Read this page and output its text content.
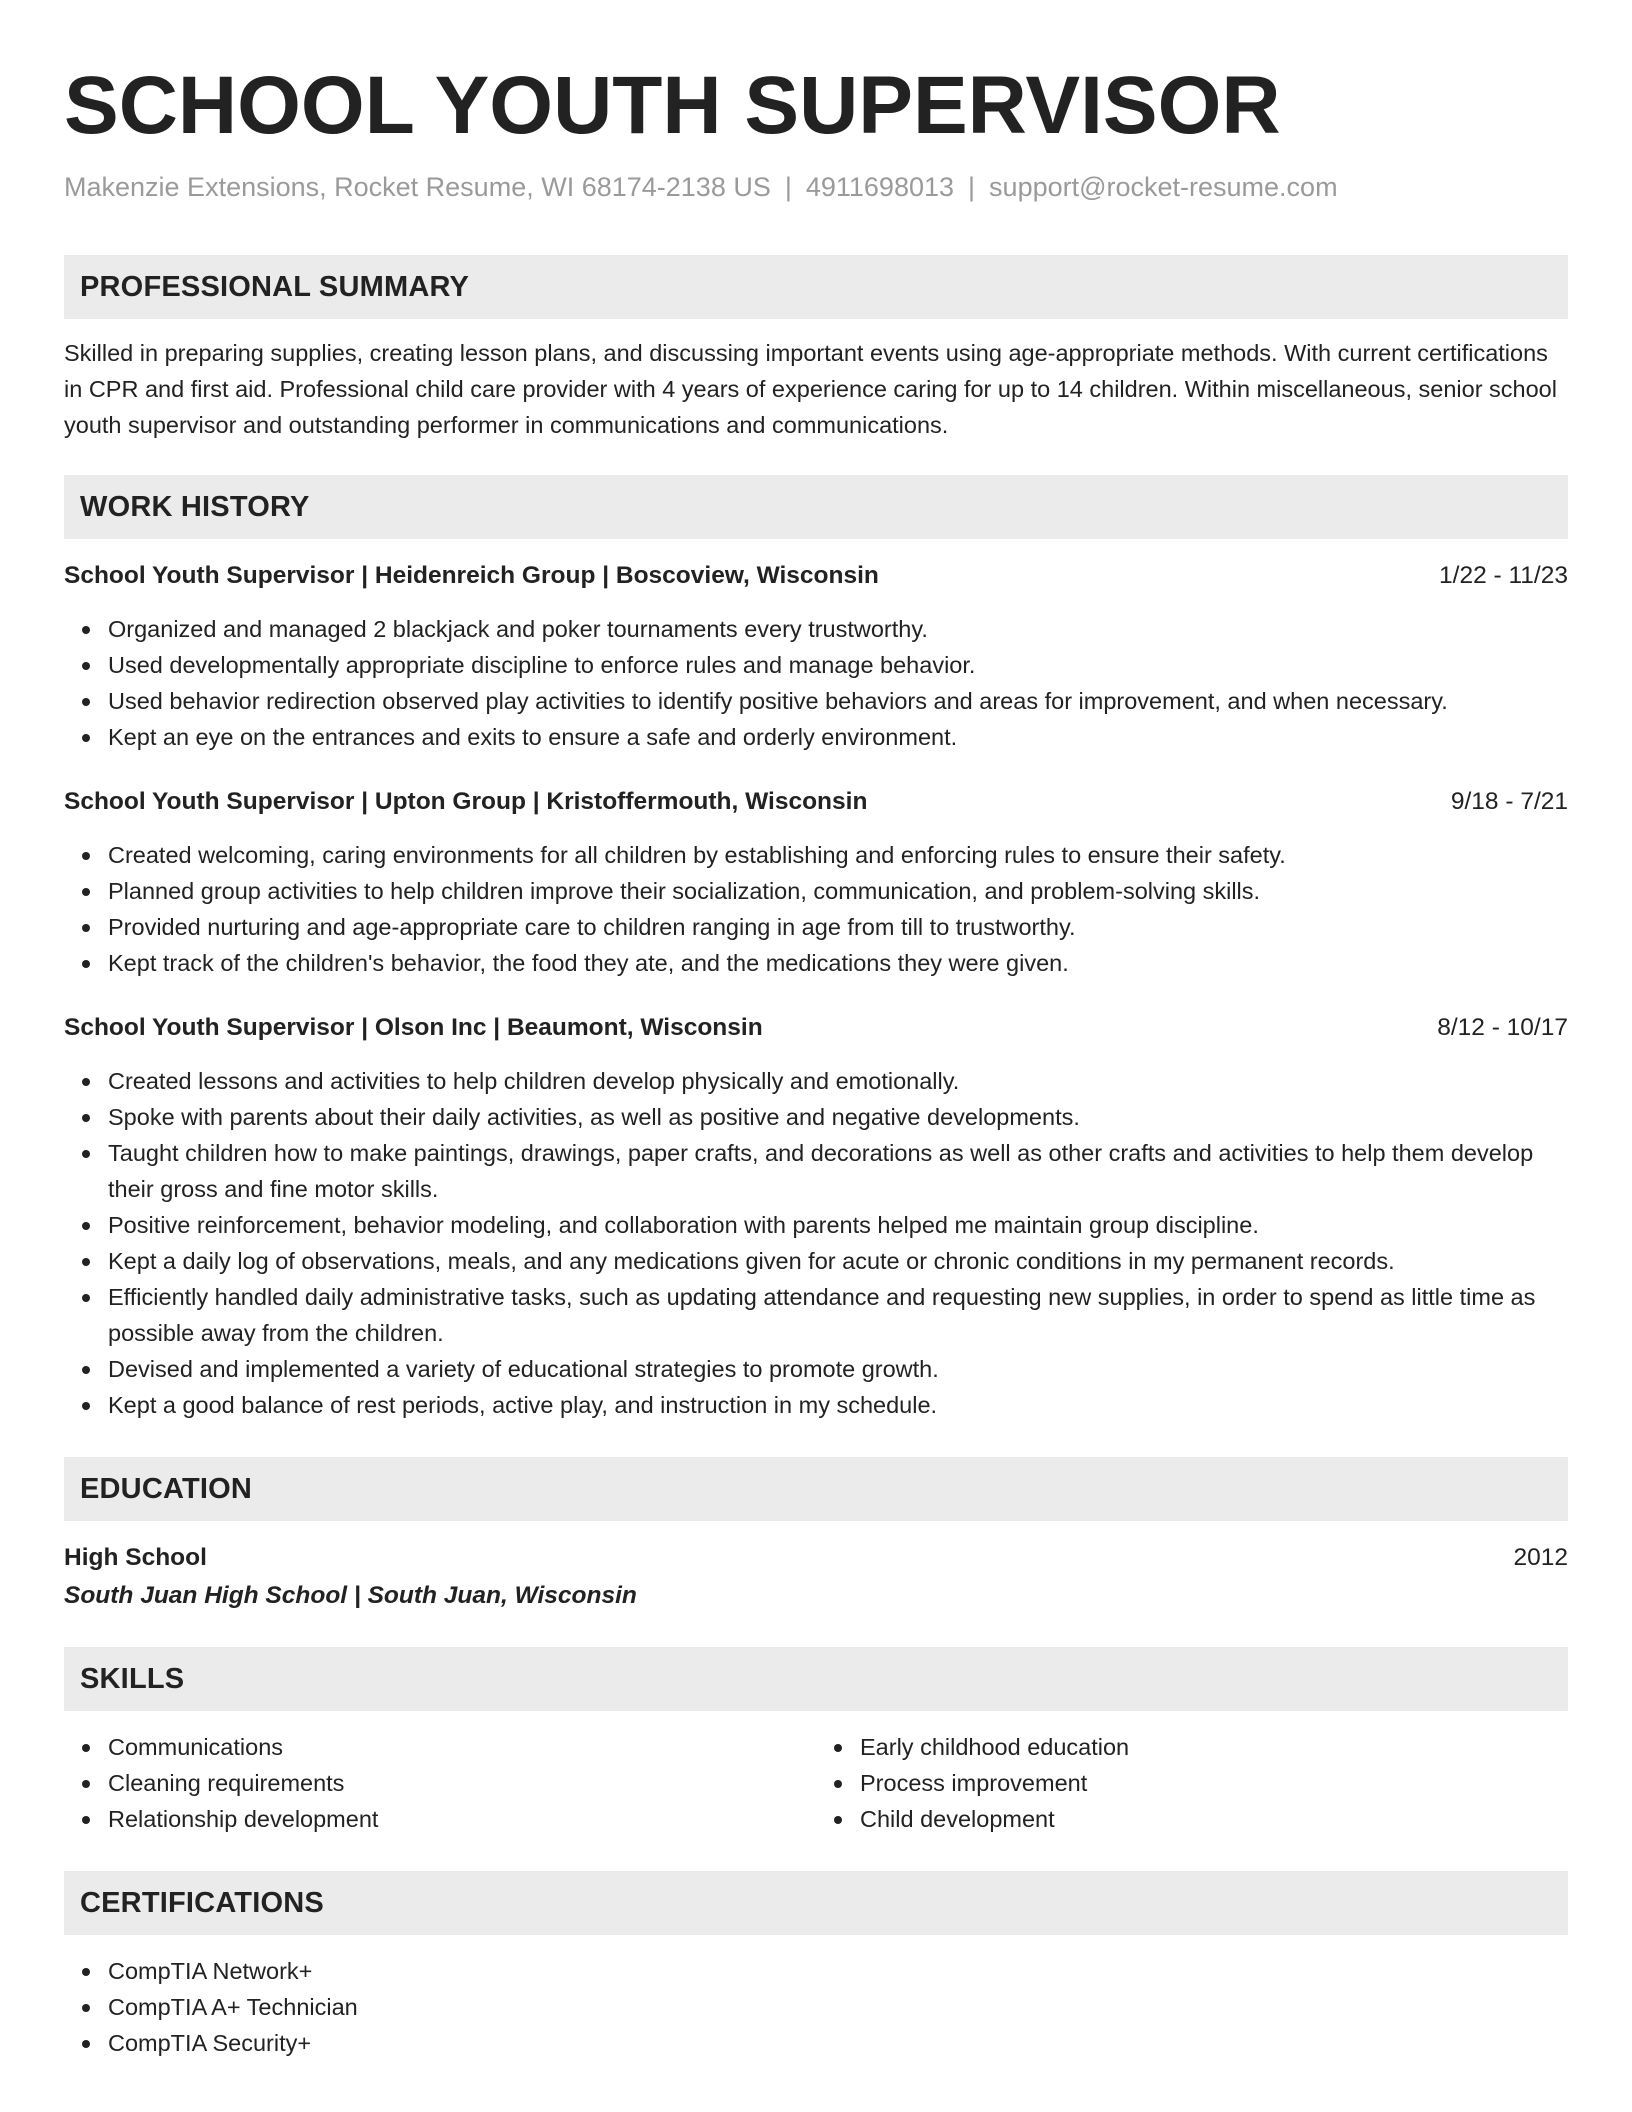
SCHOOL YOUTH SUPERVISOR
Makenzie Extensions, Rocket Resume, WI 68174-2138 US | 4911698013 | support@rocket-resume.com
PROFESSIONAL SUMMARY
Skilled in preparing supplies, creating lesson plans, and discussing important events using age-appropriate methods. With current certifications in CPR and first aid. Professional child care provider with 4 years of experience caring for up to 14 children. Within miscellaneous, senior school youth supervisor and outstanding performer in communications and communications.
WORK HISTORY
School Youth Supervisor | Heidenreich Group | Boscoview, Wisconsin	1/22 - 11/23
Organized and managed 2 blackjack and poker tournaments every trustworthy.
Used developmentally appropriate discipline to enforce rules and manage behavior.
Used behavior redirection observed play activities to identify positive behaviors and areas for improvement, and when necessary.
Kept an eye on the entrances and exits to ensure a safe and orderly environment.
School Youth Supervisor | Upton Group | Kristoffermouth, Wisconsin	9/18 - 7/21
Created welcoming, caring environments for all children by establishing and enforcing rules to ensure their safety.
Planned group activities to help children improve their socialization, communication, and problem-solving skills.
Provided nurturing and age-appropriate care to children ranging in age from till to trustworthy.
Kept track of the children's behavior, the food they ate, and the medications they were given.
School Youth Supervisor | Olson Inc | Beaumont, Wisconsin	8/12 - 10/17
Created lessons and activities to help children develop physically and emotionally.
Spoke with parents about their daily activities, as well as positive and negative developments.
Taught children how to make paintings, drawings, paper crafts, and decorations as well as other crafts and activities to help them develop their gross and fine motor skills.
Positive reinforcement, behavior modeling, and collaboration with parents helped me maintain group discipline.
Kept a daily log of observations, meals, and any medications given for acute or chronic conditions in my permanent records.
Efficiently handled daily administrative tasks, such as updating attendance and requesting new supplies, in order to spend as little time as possible away from the children.
Devised and implemented a variety of educational strategies to promote growth.
Kept a good balance of rest periods, active play, and instruction in my schedule.
EDUCATION
High School	2012
South Juan High School | South Juan, Wisconsin
SKILLS
Communications
Cleaning requirements
Relationship development
Early childhood education
Process improvement
Child development
CERTIFICATIONS
CompTIA Network+
CompTIA A+ Technician
CompTIA Security+
